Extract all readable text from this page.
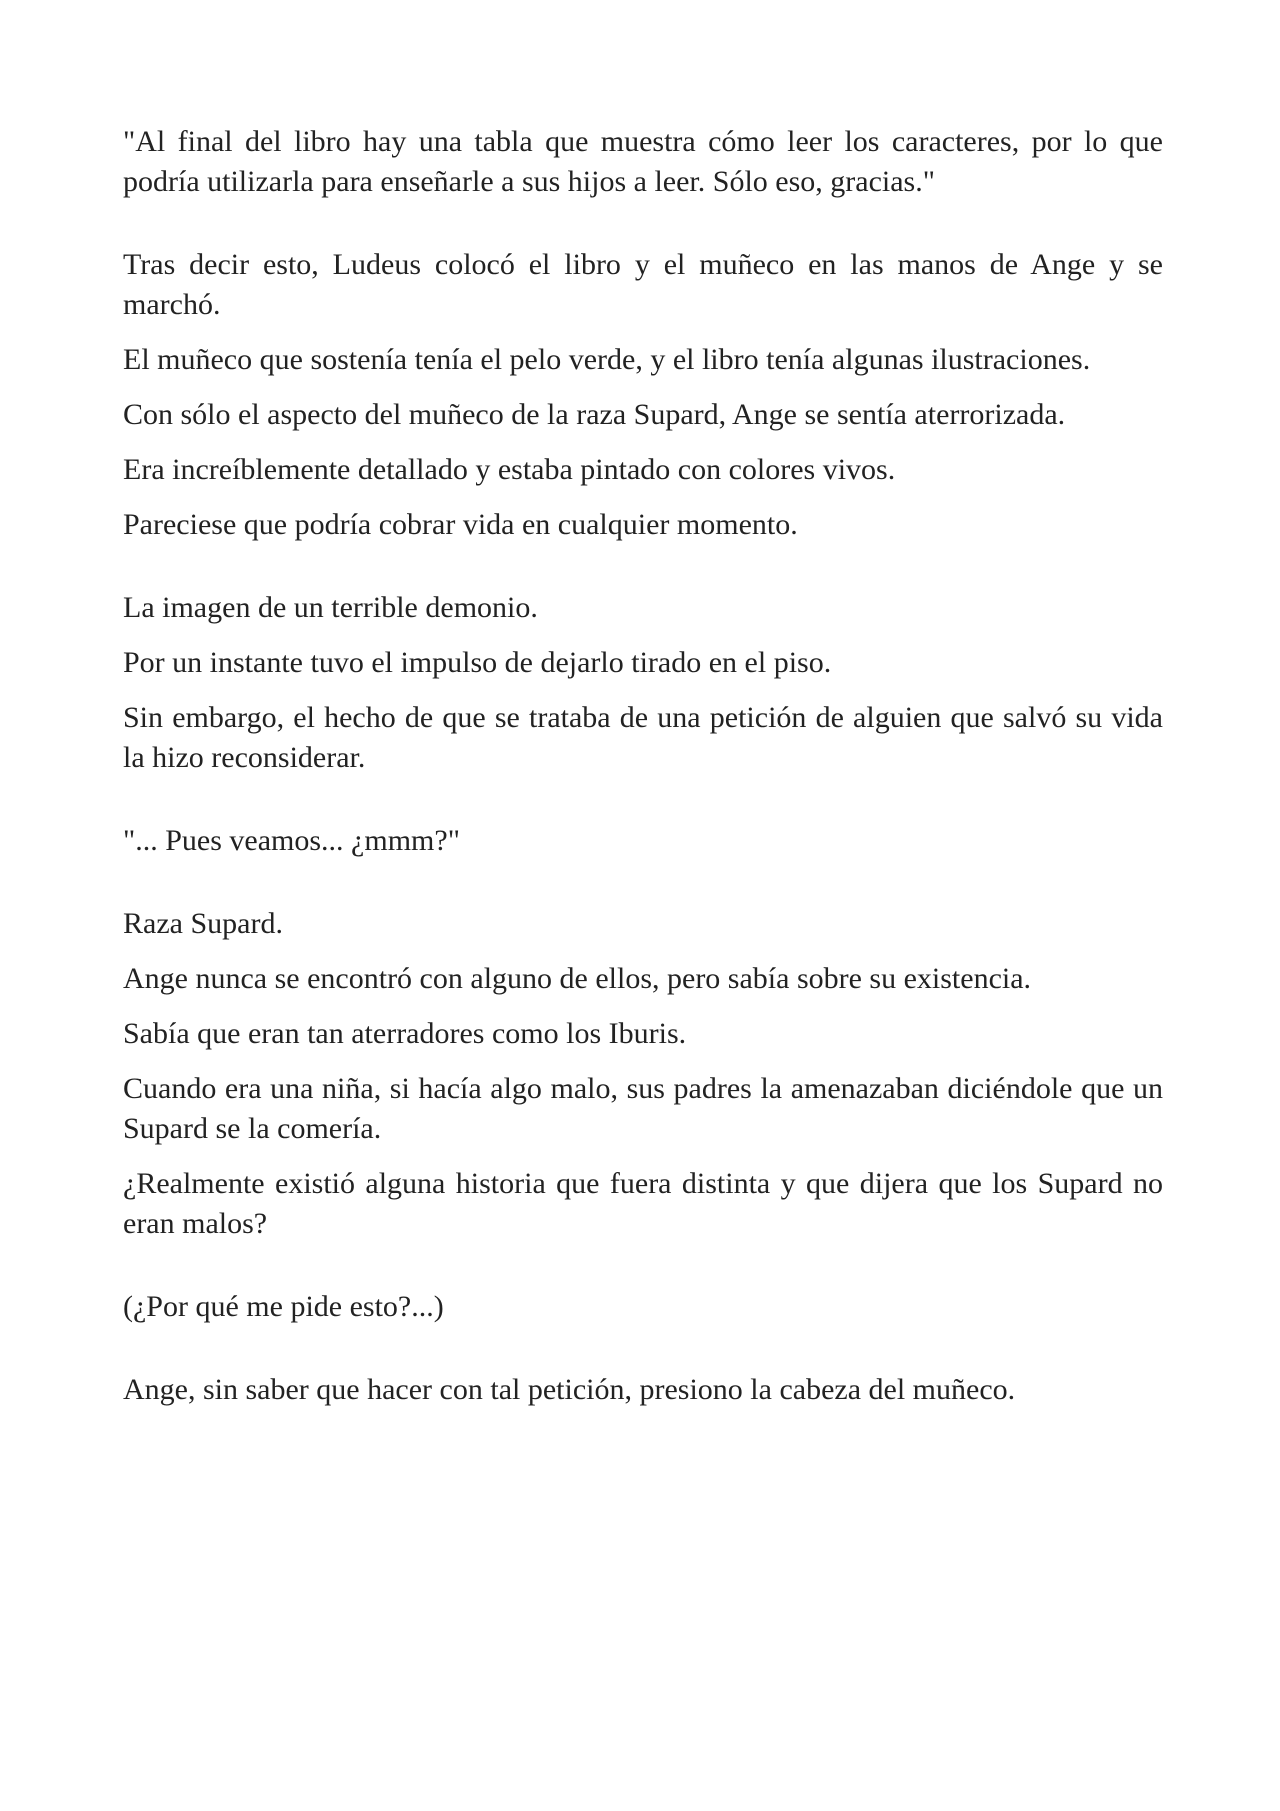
"Al final del libro hay una tabla que muestra cómo leer los caracteres, por lo que podría utilizarla para enseñarle a sus hijos a leer. Sólo eso, gracias."

Tras decir esto, Ludeus colocó el libro y el muñeco en las manos de Ange y se marchó.

El muñeco que sostenía tenía el pelo verde, y el libro tenía algunas ilustraciones.

Con sólo el aspecto del muñeco de la raza Supard, Ange se sentía aterrorizada.

Era increíblemente detallado y estaba pintado con colores vivos.

Pareciese que podría cobrar vida en cualquier momento.

La imagen de un terrible demonio.

Por un instante tuvo el impulso de dejarlo tirado en el piso.

Sin embargo, el hecho de que se trataba de una petición de alguien que salvó su vida la hizo reconsiderar.

"... Pues veamos... ¿mmm?"

Raza Supard.

Ange nunca se encontró con alguno de ellos, pero sabía sobre su existencia.

Sabía que eran tan aterradores como los Iburis.

Cuando era una niña, si hacía algo malo, sus padres la amenazaban diciéndole que un Supard se la comería.

¿Realmente existió alguna historia que fuera distinta y que dijera que los Supard no eran malos?

(¿Por qué me pide esto?...)

Ange, sin saber que hacer con tal petición, presiono la cabeza del muñeco.
